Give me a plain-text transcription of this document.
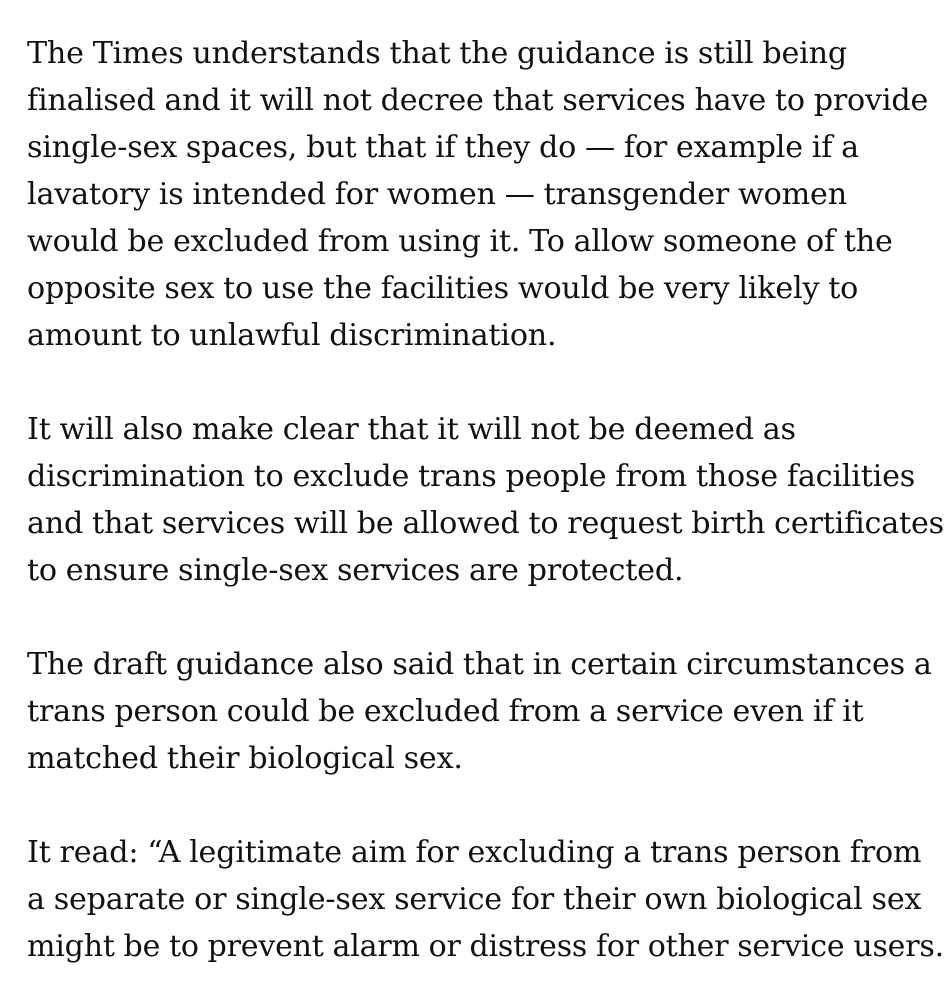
The Times understands that the guidance is still being
finalised and it will not decree that services have to provide
single-sex spaces, but that if they do — for example if a
lavatory is intended for women — transgender women
would be excluded from using it. To allow someone of the
opposite sex to use the facilities would be very likely to
amount to unlawful discrimination.

It will also make clear that it will not be deemed as
discrimination to exclude trans people from those facilities
and that services will be allowed to request birth certificates
to ensure single-sex services are protected.

The draft guidance also said that in certain circumstances a
trans person could be excluded from a service even if it
matched their biological sex.

It read: “A legitimate aim for excluding a trans person from
a separate or single-sex service for their own biological sex
might be to prevent alarm or distress for other service users.
